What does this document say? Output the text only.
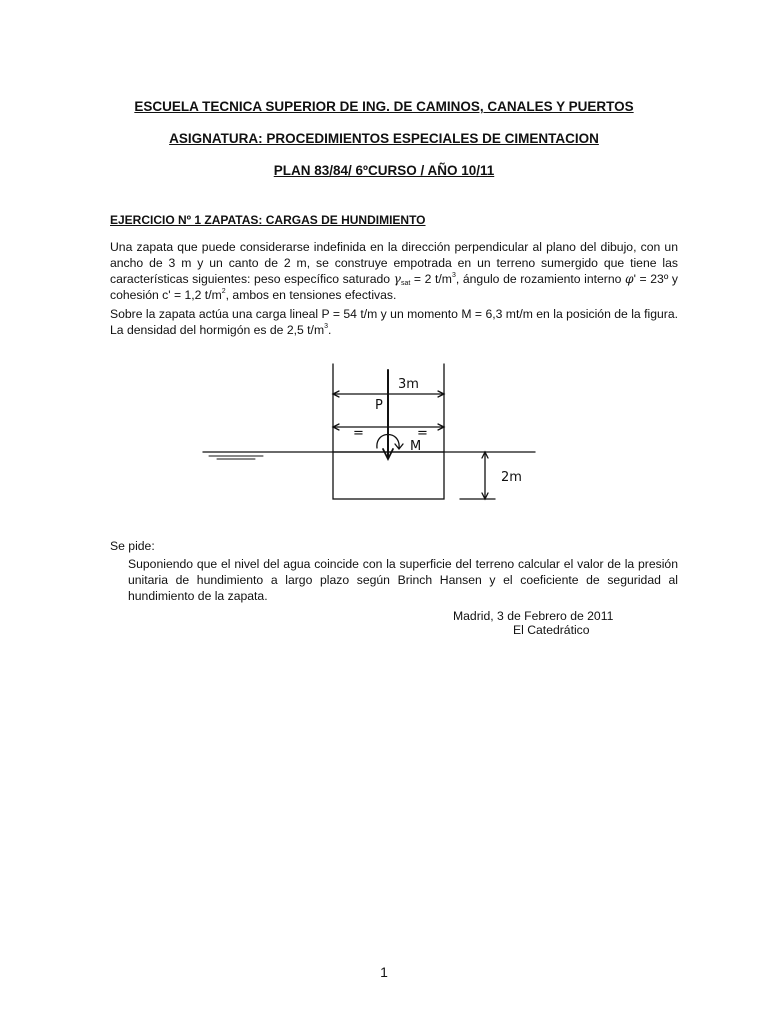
ESCUELA TECNICA SUPERIOR DE ING. DE CAMINOS, CANALES Y PUERTOS

ASIGNATURA: PROCEDIMIENTOS ESPECIALES DE CIMENTACION

PLAN 83/84/ 6ºCURSO / AÑO 10/11

EJERCICIO Nº 1 ZAPATAS: CARGAS DE HUNDIMIENTO

Una zapata que puede considerarse indefinida en la dirección perpendicular al plano del dibujo, con un ancho de 3 m y un canto de 2 m, se construye empotrada en un terreno sumergido que tiene las características siguientes: peso específico saturado $\gamma_{sat} = 2$ $t/m^3$, ángulo de rozamiento interno φ' = 23º y cohesión c' = 1,2 $t/m^2$, ambos en tensiones efectivas.

Sobre la zapata actúa una carga lineal P = 54 t/m y un momento M = 6,3 mt/m en la posición de la figura. La densidad del hormigón es de 2,5 $t/m^3$.

3m
P
=	=
M
2m

Se pide:

Suponiendo que el nivel del agua coincide con la superficie del terreno calcular el valor de la presión unitaria de hundimiento a largo plazo según Brinch Hansen y el coeficiente de seguridad al hundimiento de la zapata.

Madrid, 3 de Febrero de 2011

El Catedrático

1
